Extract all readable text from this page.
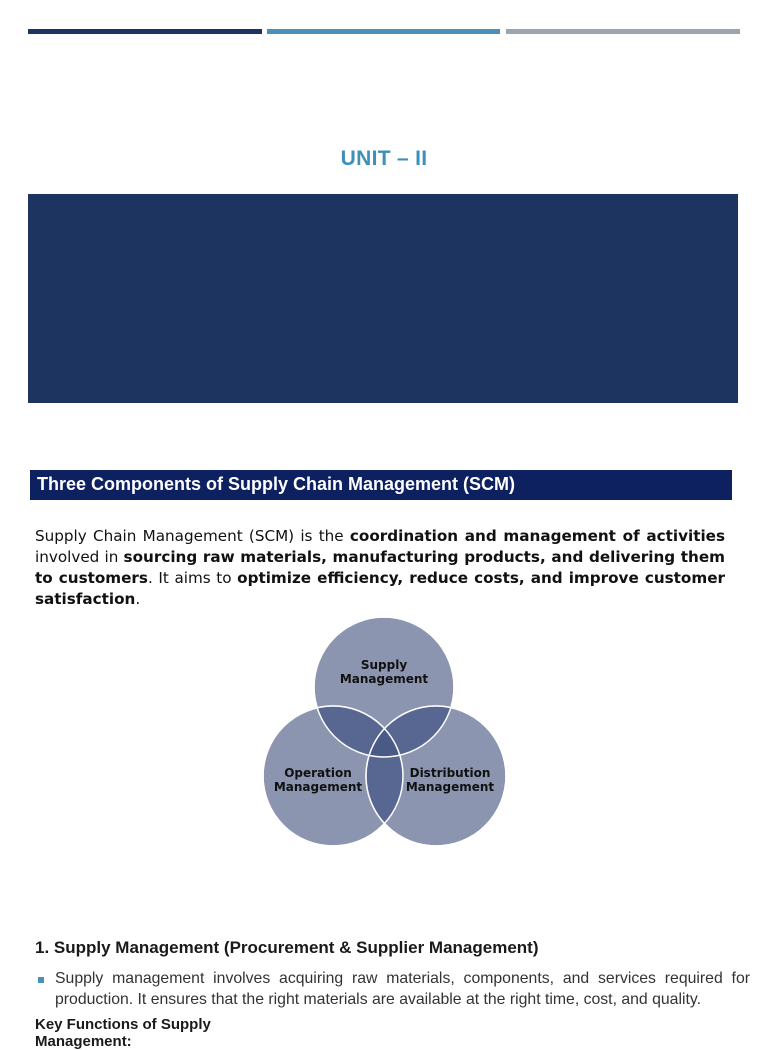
UNIT – II
Three Components of Supply Chain Management (SCM)

Supply Chain Management (SCM) is the coordination and management of activities involved in sourcing raw materials, manufacturing products, and delivering them to customers. It aims to optimize efficiency, reduce costs, and improve customer satisfaction.

Supply
Management
Operation
Management
Distribution
Management
1. Supply Management (Procurement & Supplier Management)

Supply management involves acquiring raw materials, components, and services required for production. It ensures that the right materials are available at the right time, cost, and quality.

Key Functions of Supply Management:
